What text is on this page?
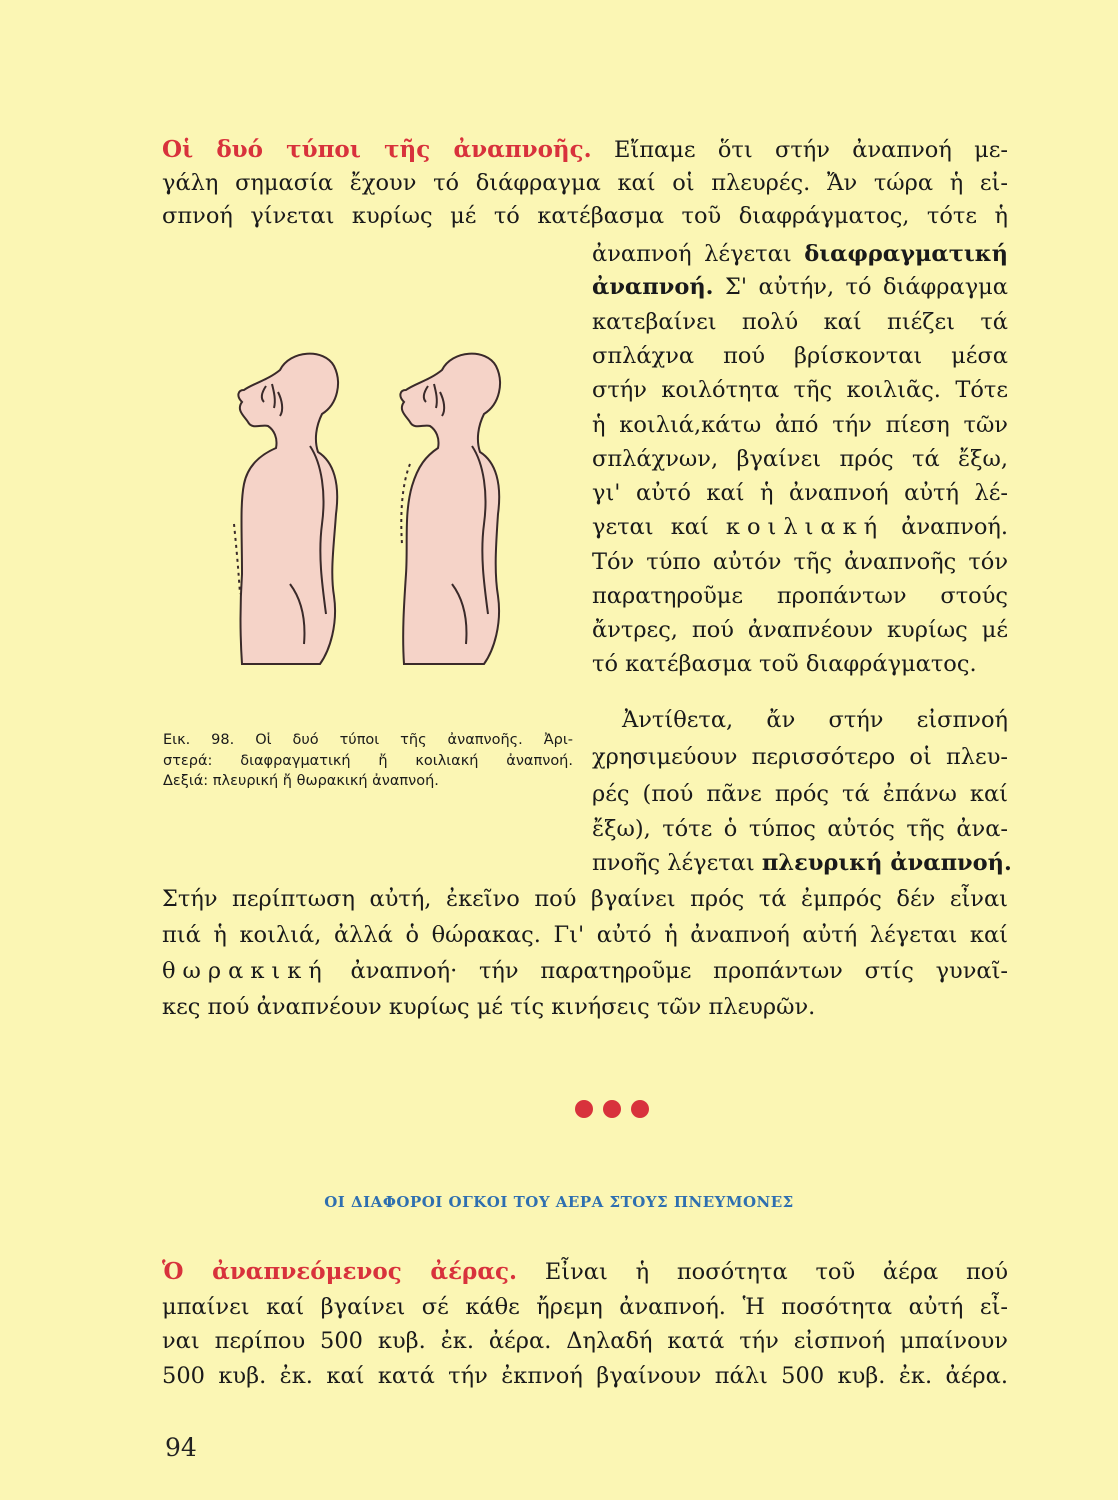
Οἱ δυό τύποι τῆς ἀναπνοῆς. Εἴπαμε ὅτι στήν ἀναπνοή με-
γάλη σημασία ἔχουν τό διάφραγμα καί οἱ πλευρές. Ἄν τώρα ἡ εἰ-
σπνοή γίνεται κυρίως μέ τό κατέβασμα τοῦ διαφράγματος, τότε ἡ
ἀναπνοή λέγεται διαφραγματική
ἀναπνοή. Σ' αὐτήν, τό διάφραγμα
κατεβαίνει πολύ καί πιέζει τά
σπλάχνα πού βρίσκονται μέσα
στήν κοιλότητα τῆς κοιλιᾶς. Τότε
ἡ κοιλιά,κάτω ἀπό τήν πίεση τῶν
σπλάχνων, βγαίνει πρός τά ἔξω,
γι' αὐτό καί ἡ ἀναπνοή αὐτή λέ-
γεται καί κοιλιακή ἀναπνοή.
Τόν τύπο αὐτόν τῆς ἀναπνοῆς τόν
παρατηροῦμε προπάντων στούς
ἄντρες, πού ἀναπνέουν κυρίως μέ
τό κατέβασμα τοῦ διαφράγματος.
Εικ. 98. Οἱ δυό τύποι τῆς ἀναπνοῆς. Ἀρι-
στερά: διαφραγματική ἤ κοιλιακή ἀναπνοή.
Δεξιά: πλευρική ἤ θωρακική ἀναπνοή.
Ἀντίθετα, ἄν στήν εἰσπνοή
χρησιμεύουν περισσότερο οἱ πλευ-
ρές (πού πᾶνε πρός τά ἐπάνω καί
ἔξω), τότε ὁ τύπος αὐτός τῆς ἀνα-
πνοῆς λέγεται πλευρική ἀναπνοή.
Στήν περίπτωση αὐτή, ἐκεῖνο πού βγαίνει πρός τά ἐμπρός δέν εἶναι
πιά ἡ κοιλιά, ἀλλά ὁ θώρακας. Γι' αὐτό ἡ ἀναπνοή αὐτή λέγεται καί
θωρακική ἀναπνοή· τήν παρατηροῦμε προπάντων στίς γυναῖ-
κες πού ἀναπνέουν κυρίως μέ τίς κινήσεις τῶν πλευρῶν.
ΟΙ ΔΙΑΦΟΡΟΙ ΟΓΚΟΙ ΤΟΥ ΑΕΡΑ ΣΤΟΥΣ ΠΝΕΥΜΟΝΕΣ
Ὁ ἀναπνεόμενος ἀέρας. Εἶναι ἡ ποσότητα τοῦ ἀέρα πού
μπαίνει καί βγαίνει σέ κάθε ἤρεμη ἀναπνοή. Ἡ ποσότητα αὐτή εἶ-
ναι περίπου 500 κυβ. ἐκ. ἀέρα. Δηλαδή κατά τήν εἰσπνοή μπαίνουν
500 κυβ. ἐκ. καί κατά τήν ἐκπνοή βγαίνουν πάλι 500 κυβ. ἐκ. ἀέρα.
94
